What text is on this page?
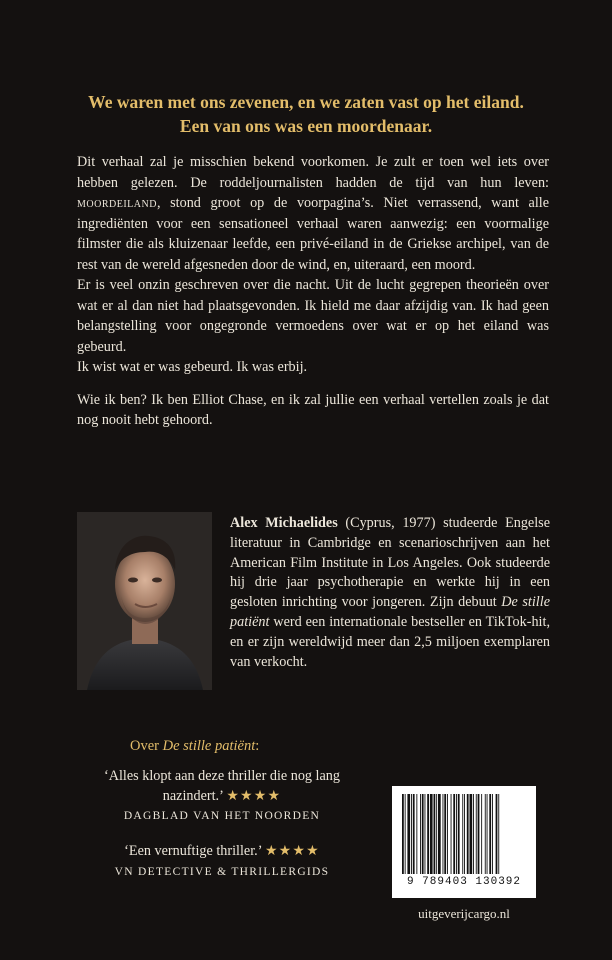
We waren met ons zevenen, en we zaten vast op het eiland.
Een van ons was een moordenaar.

Dit verhaal zal je misschien bekend voorkomen. Je zult er toen wel iets over hebben gelezen. De roddeljournalisten hadden de tijd van hun leven: moordeiland, stond groot op de voorpagina’s. Niet verrassend, want alle ingrediënten voor een sensationeel verhaal waren aanwezig: een voormalige filmster die als kluizenaar leefde, een privé-eiland in de Griekse archipel, van de rest van de wereld afgesneden door de wind, en, uiteraard, een moord.

Er is veel onzin geschreven over die nacht. Uit de lucht gegrepen theorieën over wat er al dan niet had plaatsgevonden. Ik hield me daar afzijdig van. Ik had geen belangstelling voor ongegronde vermoedens over wat er op het eiland was gebeurd.

Ik wist wat er was gebeurd. Ik was erbij.

Wie ik ben? Ik ben Elliot Chase, en ik zal jullie een verhaal vertellen zoals je dat nog nooit hebt gehoord.

Alex Michaelides (Cyprus, 1977) studeerde Engelse literatuur in Cambridge en scenarioschrijven aan het American Film Institute in Los Angeles. Ook studeerde hij drie jaar psychotherapie en werkte hij in een gesloten inrichting voor jongeren. Zijn debuut De stille patiënt werd een internationale bestseller en TikTok-hit, en er zijn wereldwijd meer dan 2,5 miljoen exemplaren van verkocht.

Over De stille patiënt:
‘Alles klopt aan deze thriller die nog lang nazindert.’ ★★★★
DAGBLAD VAN HET NOORDEN
‘Een vernuftige thriller.’ ★★★★
VN DETECTIVE & THRILLERGIDS
9 789403 130392
uitgeverijcargo.nl
